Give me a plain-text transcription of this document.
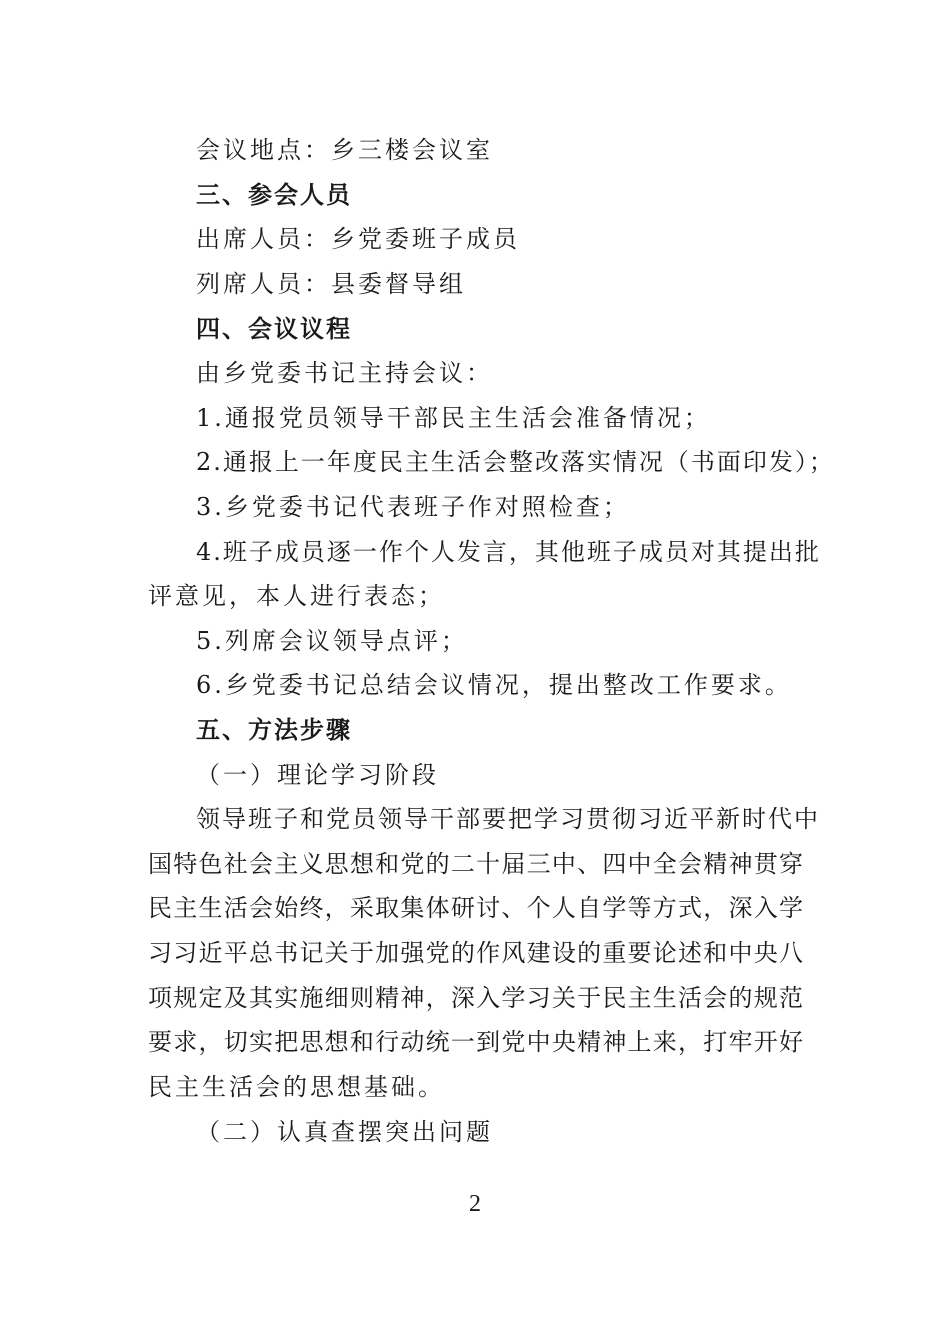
会议地点：乡三楼会议室
三、参会人员
出席人员：乡党委班子成员
列席人员：县委督导组
四、会议议程
由乡党委书记主持会议：
1.通报党员领导干部民主生活会准备情况；
2.通报上一年度民主生活会整改落实情况（书面印发）；
3.乡党委书记代表班子作对照检查；
4.班子成员逐一作个人发言，其他班子成员对其提出批
评意见，本人进行表态；
5.列席会议领导点评；
6.乡党委书记总结会议情况，提出整改工作要求。
五、方法步骤
（一）理论学习阶段
领导班子和党员领导干部要把学习贯彻习近平新时代中
国特色社会主义思想和党的二十届三中、四中全会精神贯穿
民主生活会始终，采取集体研讨、个人自学等方式，深入学
习习近平总书记关于加强党的作风建设的重要论述和中央八
项规定及其实施细则精神，深入学习关于民主生活会的规范
要求，切实把思想和行动统一到党中央精神上来，打牢开好
民主生活会的思想基础。
（二）认真查摆突出问题
2
